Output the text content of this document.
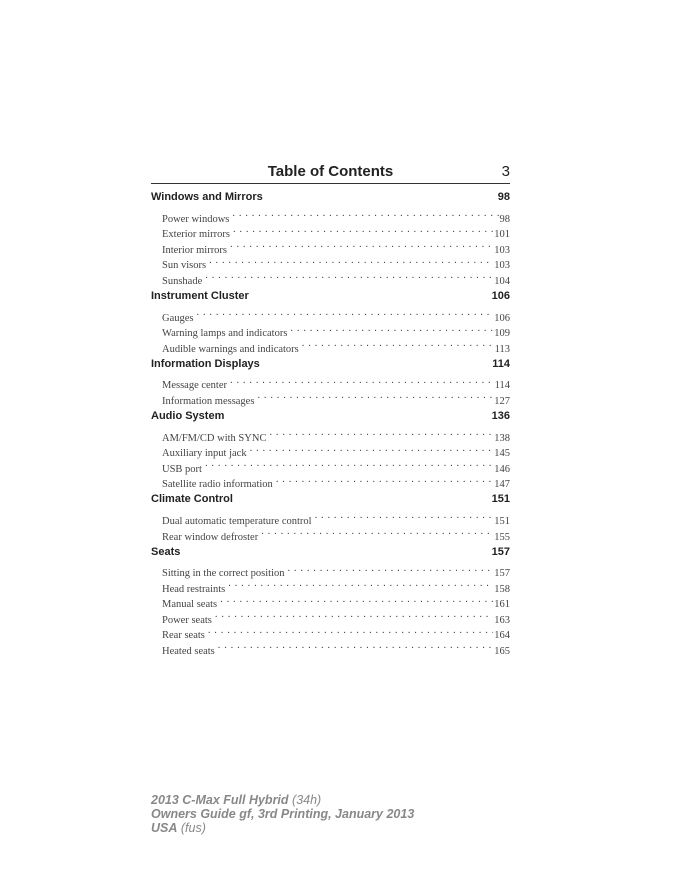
Table of Contents	3
Windows and Mirrors	98
Power windows . . .	98
Exterior mirrors . . .	101
Interior mirrors . . .	103
Sun visors . . .	103
Sunshade . . .	104
Instrument Cluster	106
Gauges . . .	106
Warning lamps and indicators . . .	109
Audible warnings and indicators . . .	113
Information Displays	114
Message center . . .	114
Information messages . . .	127
Audio System	136
AM/FM/CD with SYNC . . .	138
Auxiliary input jack . . .	145
USB port . . .	146
Satellite radio information . . .	147
Climate Control	151
Dual automatic temperature control . . .	151
Rear window defroster . . .	155
Seats	157
Sitting in the correct position . . .	157
Head restraints . . .	158
Manual seats . . .	161
Power seats . . .	163
Rear seats . . .	164
Heated seats . . .	165
2013 C-Max Full Hybrid (34h)
Owners Guide gf, 3rd Printing, January 2013
USA (fus)
